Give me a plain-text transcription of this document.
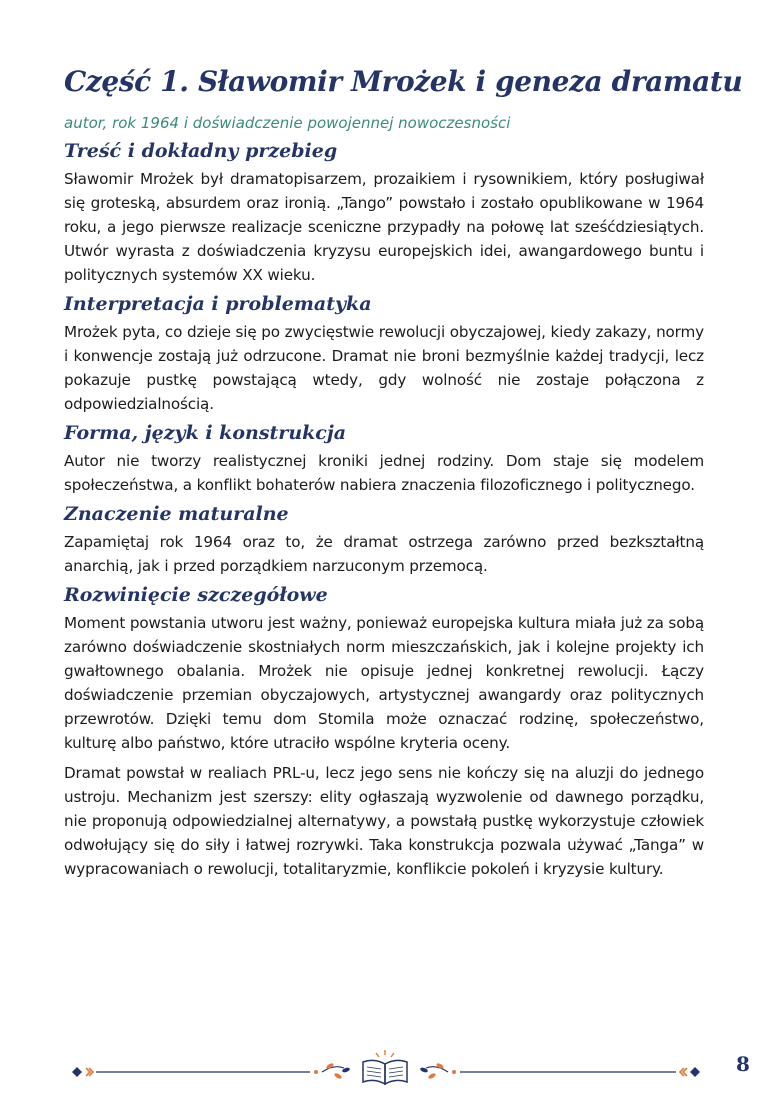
Część 1. Sławomir Mrożek i geneza dramatu
autor, rok 1964 i doświadczenie powojennej nowoczesności
Treść i dokładny przebieg

Sławomir Mrożek był dramatopisarzem, prozaikiem i rysownikiem, który posługiwał się groteską, absurdem oraz ironią. „Tango” powstało i zostało opublikowane w 1964 roku, a jego pierwsze realizacje sceniczne przypadły na połowę lat sześćdziesiątych. Utwór wyrasta z doświadczenia kryzysu europejskich idei, awangardowego buntu i politycznych systemów XX wieku.

Interpretacja i problematyka

Mrożek pyta, co dzieje się po zwycięstwie rewolucji obyczajowej, kiedy zakazy, normy i konwencje zostają już odrzucone. Dramat nie broni bezmyślnie każdej tradycji, lecz pokazuje pustkę powstającą wtedy, gdy wolność nie zostaje połączona z odpowiedzialnością.

Forma, język i konstrukcja

Autor nie tworzy realistycznej kroniki jednej rodziny. Dom staje się modelem społeczeństwa, a konflikt bohaterów nabiera znaczenia filozoficznego i politycznego.

Znaczenie maturalne

Zapamiętaj rok 1964 oraz to, że dramat ostrzega zarówno przed bezkształtną anarchią, jak i przed porządkiem narzuconym przemocą.

Rozwinięcie szczegółowe

Moment powstania utworu jest ważny, ponieważ europejska kultura miała już za sobą zarówno doświadczenie skostniałych norm mieszczańskich, jak i kolejne projekty ich gwałtownego obalania. Mrożek nie opisuje jednej konkretnej rewolucji. Łączy doświadczenie przemian obyczajowych, artystycznej awangardy oraz politycznych przewrotów. Dzięki temu dom Stomila może oznaczać rodzinę, społeczeństwo, kulturę albo państwo, które utraciło wspólne kryteria oceny.

Dramat powstał w realiach PRL-u, lecz jego sens nie kończy się na aluzji do jednego ustroju. Mechanizm jest szerszy: elity ogłaszają wyzwolenie od dawnego porządku, nie proponują odpowiedzialnej alternatywy, a powstałą pustkę wykorzystuje człowiek odwołujący się do siły i łatwej rozrywki. Taka konstrukcja pozwala używać „Tanga” w wypracowaniach o rewolucji, totalitaryzmie, konflikcie pokoleń i kryzysie kultury.

8
